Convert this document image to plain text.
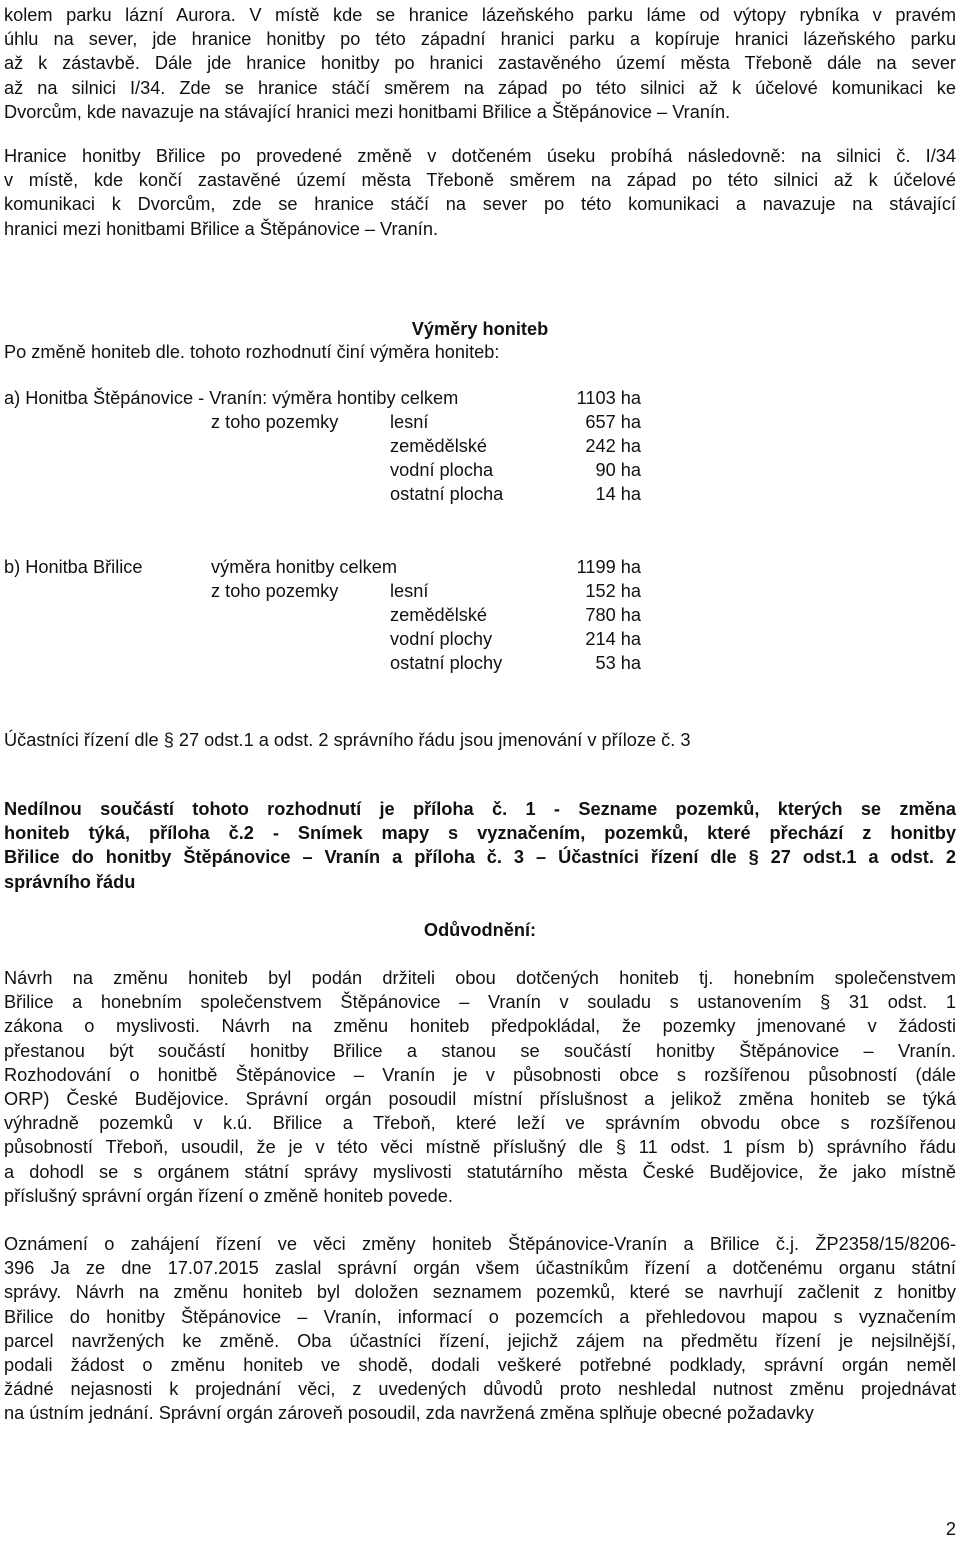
kolem parku lázní Aurora. V místě kde se hranice lázeňského parku láme od výtopy rybníka v pravém
úhlu na sever, jde hranice honitby po této západní hranici parku a kopíruje hranici lázeňského parku
až k zástavbě. Dále jde hranice honitby po hranici zastavěného území města Třeboně dále na sever
až na silnici I/34. Zde se hranice stáčí směrem na západ po této silnici až k účelové komunikaci ke
Dvorcům, kde navazuje na stávající hranici mezi honitbami Břilice a Štěpánovice – Vranín.
Hranice honitby Břilice po provedené změně v dotčeném úseku probíhá následovně: na silnici č. I/34
v místě, kde končí zastavěné území města Třeboně směrem na západ po této silnici až k účelové
komunikaci k Dvorcům, zde se hranice stáčí na sever po této komunikaci a navazuje na stávající
hranici mezi honitbami Břilice a Štěpánovice – Vranín.

Výměry honiteb

Po změně honiteb dle. tohoto rozhodnutí činí výměra honiteb:

a) Honitba Štěpánovice - Vranín: výměra hontiby celkem	1103 ha
z toho pozemky	lesní	657 ha
zemědělské	242 ha
vodní plocha	90 ha
ostatní plocha	14 ha
b) Honitba Břilice	výměra honitby celkem	1199 ha
z toho pozemky	lesní	152 ha
zemědělské	780 ha
vodní plochy	214 ha
ostatní plochy	53 ha

Účastníci řízení dle § 27 odst.1 a odst. 2 správního řádu jsou jmenování v příloze č. 3

Nedílnou součástí tohoto rozhodnutí je příloha č. 1 - Seznamе pozemků, kterých se změna
honiteb týká, příloha č.2 - Snímek mapy s vyznačením, pozemků, které přechází z honitby
Břilice do honitby Štěpánovice – Vranín a příloha č. 3 – Účastníci řízení dle § 27 odst.1 a odst. 2
správního řádu

Odůvodnění:

Návrh na změnu honiteb byl podán držiteli obou dotčených honiteb tj. honebním společenstvem
Břilice a honebním společenstvem Štěpánovice – Vranín v souladu s ustanovením § 31 odst. 1
zákona o myslivosti. Návrh na změnu honiteb předpokládal, že pozemky jmenované v žádosti
přestanou být součástí honitby Břilice a stanou se součástí honitby Štěpánovice – Vranín.
Rozhodování o honitbě Štěpánovice – Vranín je v působnosti obce s rozšířenou působností (dále
ORP) České Budějovice. Správní orgán posoudil místní příslušnost a jelikož změna honiteb se týká
výhradně pozemků v k.ú. Břilice a Třeboň, které leží ve správním obvodu obce s rozšířenou
působností Třeboň, usoudil, že je v této věci místně příslušný dle § 11 odst. 1 písm b) správního řádu
a dohodl se s orgánem státní správy myslivosti statutárního města České Budějovice, že jako místně
příslušný správní orgán řízení o změně honiteb povede.
Oznámení o zahájení řízení ve věci změny honiteb Štěpánovice-Vranín a Břilice č.j. ŽP2358/15/8206-
396 Ja ze dne 17.07.2015 zaslal správní orgán všem účastníkům řízení a dotčenému organu státní
správy. Návrh na změnu honiteb byl doložen seznamem pozemků, které se navrhují začlenit z honitby
Břilice do honitby Štěpánovice – Vranín, informací o pozemcích a přehledovou mapou s vyznačením
parcel navržených ke změně. Oba účastníci řízení, jejichž zájem na předmětu řízení je nejsilnější,
podali žádost o změnu honiteb ve shodě, dodali veškeré potřebné podklady, správní orgán neměl
žádné nejasnosti k projednání věci, z uvedených důvodů proto neshledal nutnost změnu projednávat
na ústním jednání. Správní orgán zároveň posoudil, zda navržená změna splňuje obecné požadavky
2
